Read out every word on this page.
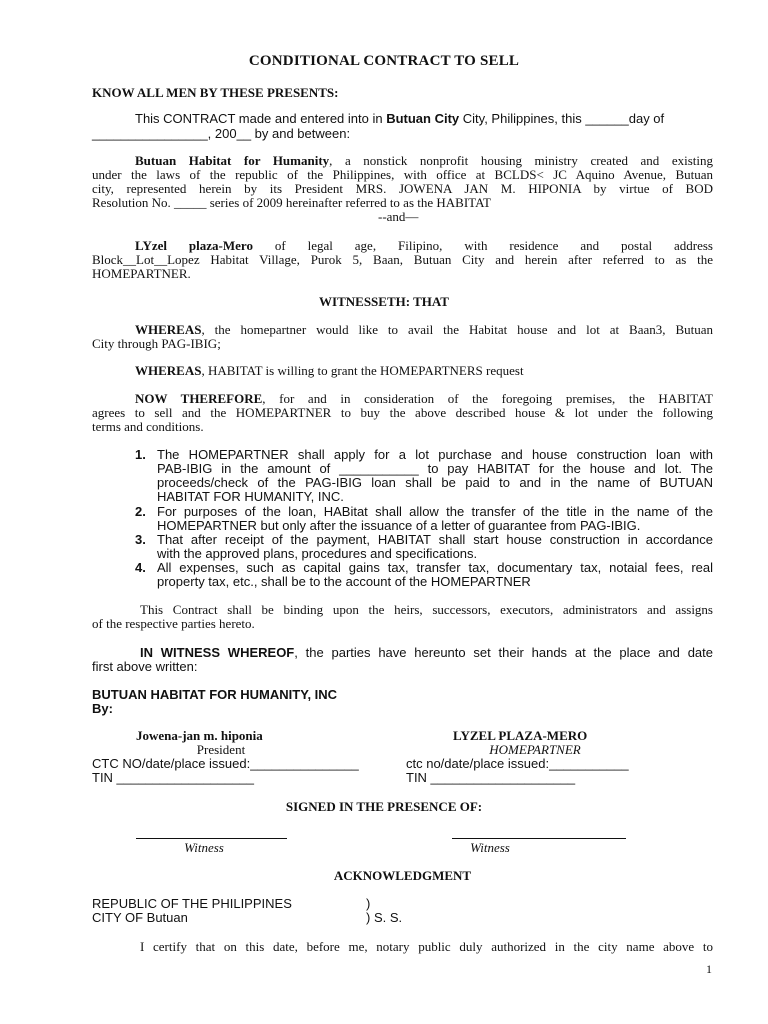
CONDITIONAL CONTRACT TO SELL
KNOW ALL MEN BY THESE PRESENTS:
This CONTRACT made and entered into in Butuan City City, Philippines, this ______day of
________________, 200__ by and between:
Butuan Habitat for Humanity, a nonstick nonprofit housing ministry created and existing
under the laws of the republic of the Philippines, with office at BCLDS< JC Aquino Avenue, Butuan
city, represented herein by its President MRS. JOWENA JAN M. HIPONIA by virtue of BOD
Resolution No. _____ series of 2009 hereinafter referred to as the HABITAT
--and—
LYzel plaza-Mero of legal age, Filipino, with residence and postal address
Block__Lot__Lopez Habitat Village, Purok 5, Baan, Butuan City and herein after referred to as the
HOMEPARTNER.
WITNESSETH: THAT
WHEREAS, the homepartner would like to avail the Habitat house and lot at Baan3, Butuan
City through PAG-IBIG;
WHEREAS, HABITAT is willing to grant the HOMEPARTNERS request
NOW THEREFORE, for and in consideration of the foregoing premises, the HABITAT
agrees to sell and the HOMEPARTNER to buy the above described house & lot under the following
terms and conditions.
1. The HOMEPARTNER shall apply for a lot purchase and house construction loan with
PAB-IBIG in the amount of ___________ to pay HABITAT for the house and lot. The
proceeds/check of the PAG-IBIG loan shall be paid to and in the name of BUTUAN
HABITAT FOR HUMANITY, INC.
2. For purposes of the loan, HABitat shall allow the transfer of the title in the name of the
HOMEPARTNER but only after the issuance of a letter of guarantee from PAG-IBIG.
3. That after receipt of the payment, HABITAT shall start house construction in accordance
with the approved plans, procedures and specifications.
4. All expenses, such as capital gains tax, transfer tax, documentary tax, notaial fees, real
property tax, etc., shall be to the account of the HOMEPARTNER
This Contract shall be binding upon the heirs, successors, executors, administrators and assigns
of the respective parties hereto.
IN WITNESS WHEREOF, the parties have hereunto set their hands at the place and date
first above written:
BUTUAN HABITAT FOR HUMANITY, INC
By:
Jowena-jan m. hiponia
President
CTC NO/date/place issued:_______________
TIN ___________________
LYZEL PLAZA-MERO
HOMEPARTNER
ctc no/date/place issued:___________
TIN ____________________
SIGNED IN THE PRESENCE OF:
Witness	Witness
ACKNOWLEDGMENT
REPUBLIC OF THE PHILIPPINES	)
CITY OF Butuan	) S. S.
I certify that on this date, before me, notary public duly authorized in the city name above to
1
